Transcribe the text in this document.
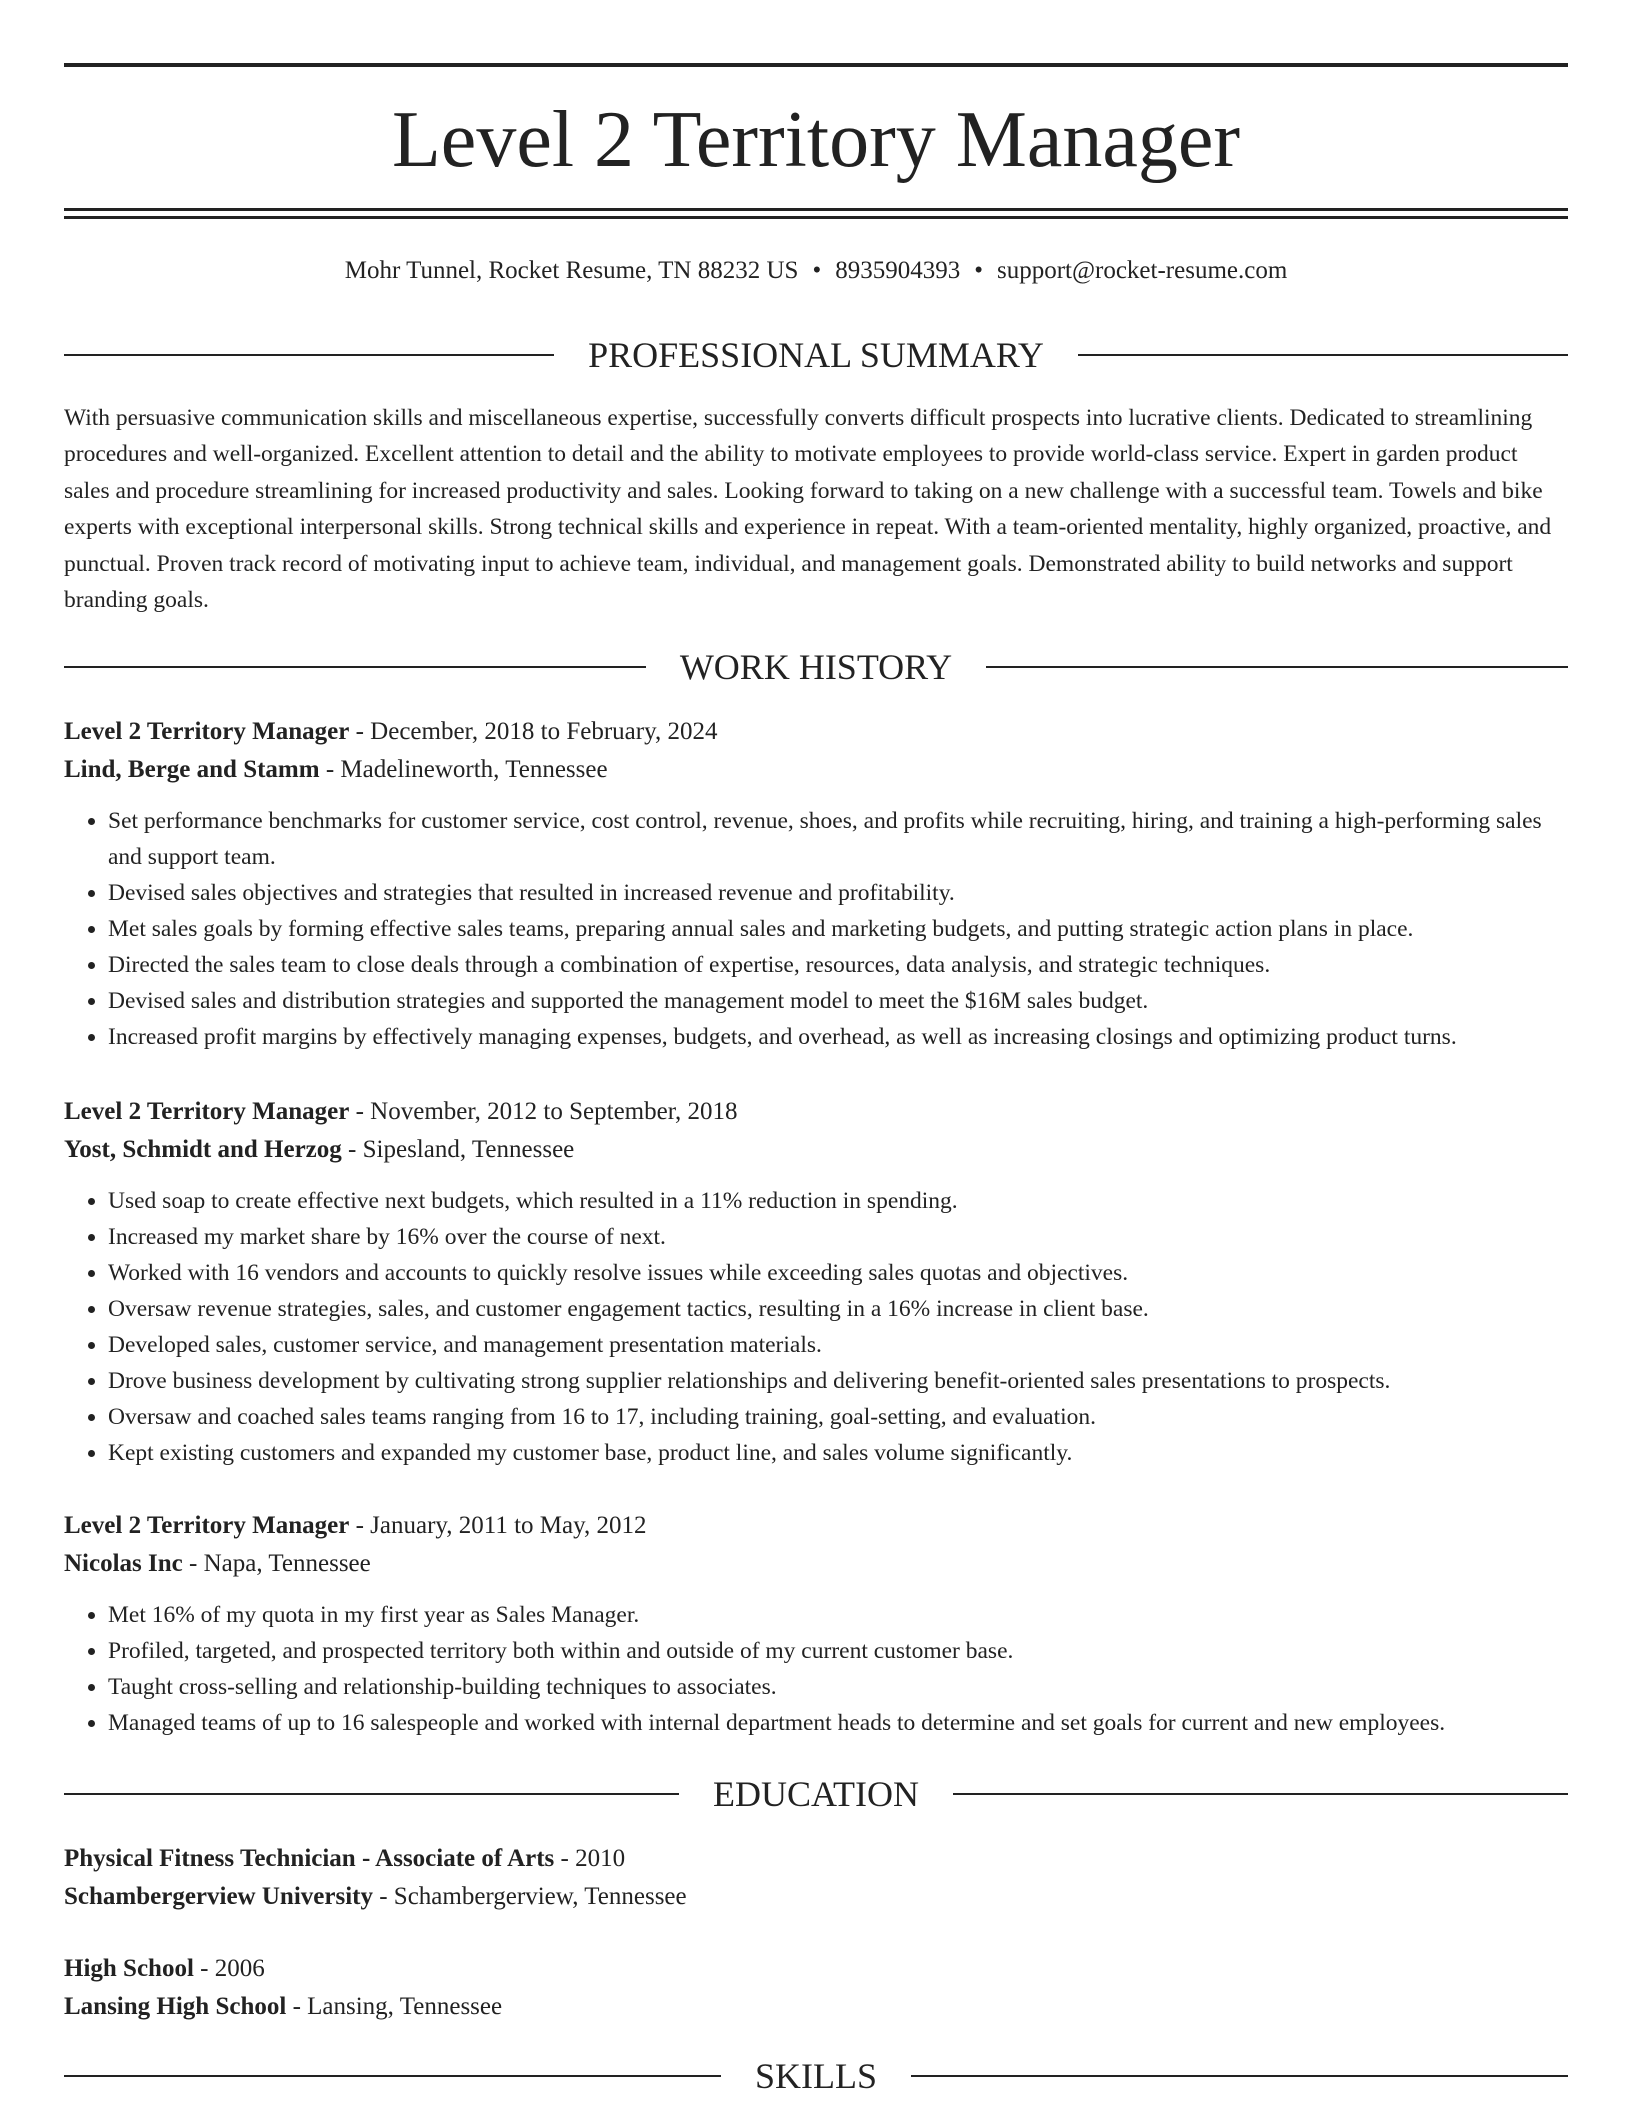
Level 2 Territory Manager
Mohr Tunnel, Rocket Resume, TN 88232 US • 8935904393 • support@rocket-resume.com
PROFESSIONAL SUMMARY

With persuasive communication skills and miscellaneous expertise, successfully converts difficult prospects into lucrative clients. Dedicated to streamlining procedures and well-organized. Excellent attention to detail and the ability to motivate employees to provide world-class service. Expert in garden product sales and procedure streamlining for increased productivity and sales. Looking forward to taking on a new challenge with a successful team. Towels and bike experts with exceptional interpersonal skills. Strong technical skills and experience in repeat. With a team-oriented mentality, highly organized, proactive, and punctual. Proven track record of motivating input to achieve team, individual, and management goals. Demonstrated ability to build networks and support branding goals.

WORK HISTORY
Level 2 Territory Manager - December, 2018 to February, 2024
Lind, Berge and Stamm - Madelineworth, Tennessee
• Set performance benchmarks for customer service, cost control, revenue, shoes, and profits while recruiting, hiring, and training a high-performing sales and support team.
• Devised sales objectives and strategies that resulted in increased revenue and profitability.
• Met sales goals by forming effective sales teams, preparing annual sales and marketing budgets, and putting strategic action plans in place.
• Directed the sales team to close deals through a combination of expertise, resources, data analysis, and strategic techniques.
• Devised sales and distribution strategies and supported the management model to meet the $16M sales budget.
• Increased profit margins by effectively managing expenses, budgets, and overhead, as well as increasing closings and optimizing product turns.
Level 2 Territory Manager - November, 2012 to September, 2018
Yost, Schmidt and Herzog - Sipesland, Tennessee
• Used soap to create effective next budgets, which resulted in a 11% reduction in spending.
• Increased my market share by 16% over the course of next.
• Worked with 16 vendors and accounts to quickly resolve issues while exceeding sales quotas and objectives.
• Oversaw revenue strategies, sales, and customer engagement tactics, resulting in a 16% increase in client base.
• Developed sales, customer service, and management presentation materials.
• Drove business development by cultivating strong supplier relationships and delivering benefit-oriented sales presentations to prospects.
• Oversaw and coached sales teams ranging from 16 to 17, including training, goal-setting, and evaluation.
• Kept existing customers and expanded my customer base, product line, and sales volume significantly.
Level 2 Territory Manager - January, 2011 to May, 2012
Nicolas Inc - Napa, Tennessee
• Met 16% of my quota in my first year as Sales Manager.
• Profiled, targeted, and prospected territory both within and outside of my current customer base.
• Taught cross-selling and relationship-building techniques to associates.
• Managed teams of up to 16 salespeople and worked with internal department heads to determine and set goals for current and new employees.
EDUCATION
Physical Fitness Technician - Associate of Arts - 2010
Schambergerview University - Schambergerview, Tennessee
High School - 2006
Lansing High School - Lansing, Tennessee
SKILLS
